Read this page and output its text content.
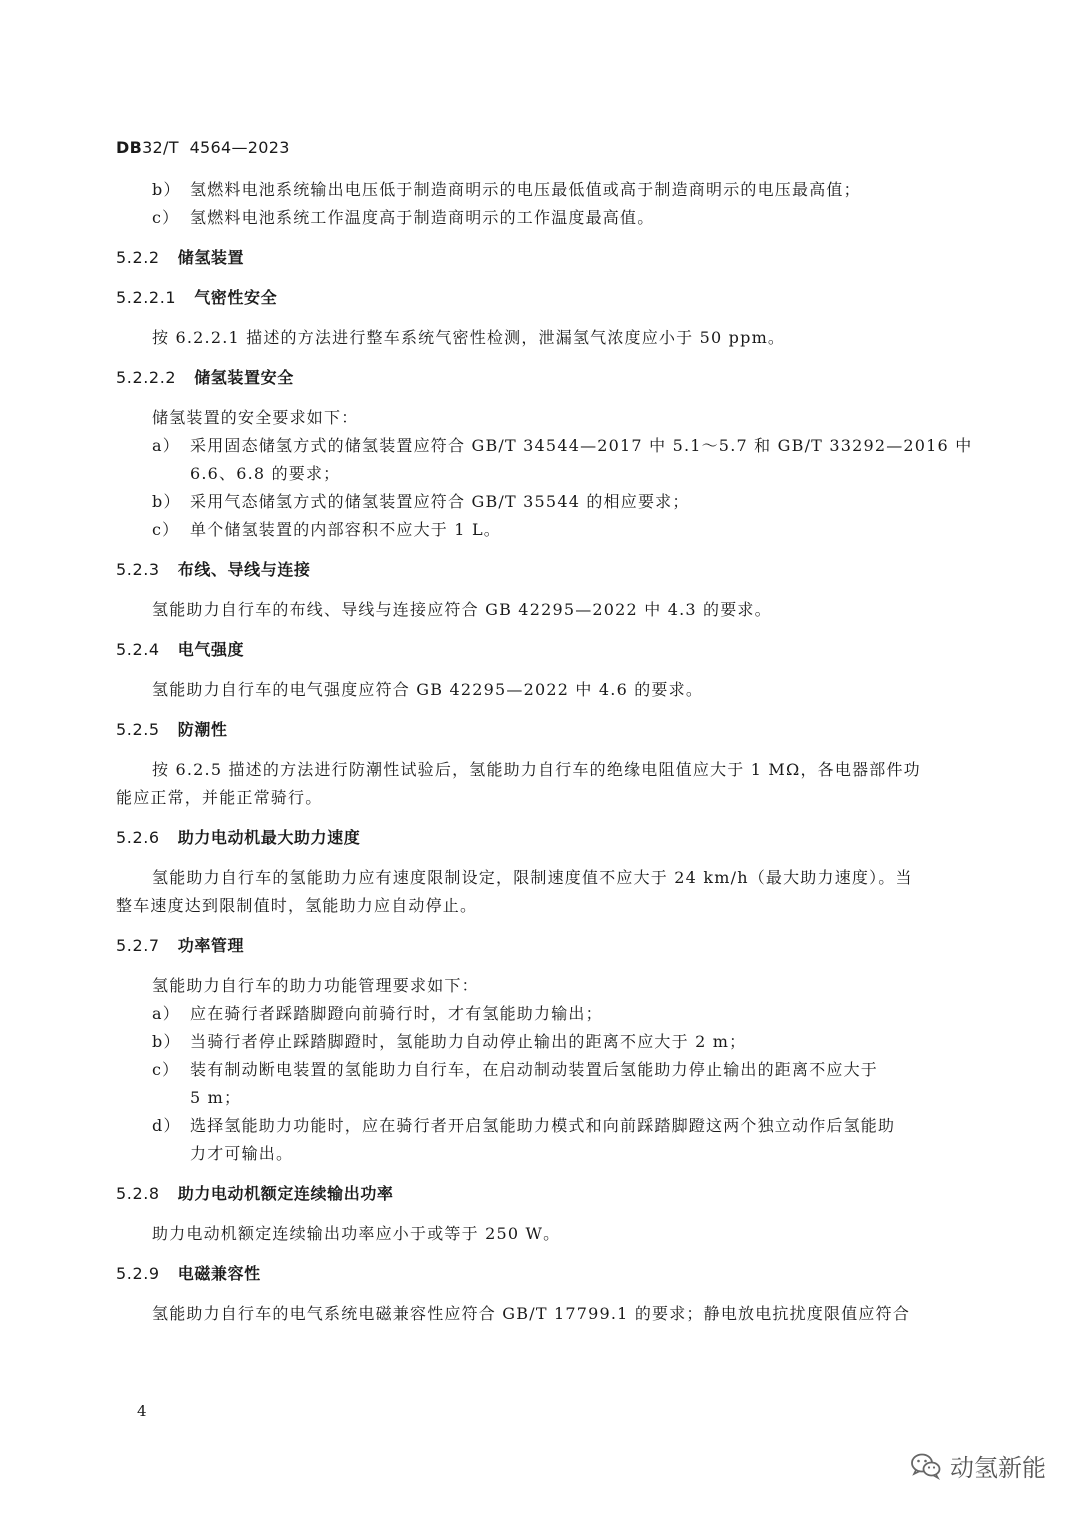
DB32/T  4564—2023
b） 氢燃料电池系统输出电压低于制造商明示的电压最低值或高于制造商明示的电压最高值；
c） 氢燃料电池系统工作温度高于制造商明示的工作温度最高值。
5.2.2 储氢装置
5.2.2.1 气密性安全
按 6.2.2.1 描述的方法进行整车系统气密性检测，泄漏氢气浓度应小于 50 ppm。
5.2.2.2 储氢装置安全
储氢装置的安全要求如下：
a） 采用固态储氢方式的储氢装置应符合 GB/T 34544—2017 中 5.1～5.7 和 GB/T 33292—2016 中
6.6、6.8 的要求；
b） 采用气态储氢方式的储氢装置应符合 GB/T 35544 的相应要求；
c） 单个储氢装置的内部容积不应大于 1 L。
5.2.3 布线、导线与连接
氢能助力自行车的布线、导线与连接应符合 GB 42295—2022 中 4.3 的要求。
5.2.4 电气强度
氢能助力自行车的电气强度应符合 GB 42295—2022 中 4.6 的要求。
5.2.5 防潮性
按 6.2.5 描述的方法进行防潮性试验后，氢能助力自行车的绝缘电阻值应大于 1 MΩ，各电器部件功
能应正常，并能正常骑行。
5.2.6 助力电动机最大助力速度
氢能助力自行车的氢能助力应有速度限制设定，限制速度值不应大于 24 km/h（最大助力速度）。当
整车速度达到限制值时，氢能助力应自动停止。
5.2.7 功率管理
氢能助力自行车的助力功能管理要求如下：
a） 应在骑行者踩踏脚蹬向前骑行时，才有氢能助力输出；
b） 当骑行者停止踩踏脚蹬时，氢能助力自动停止输出的距离不应大于 2 m；
c） 装有制动断电装置的氢能助力自行车，在启动制动装置后氢能助力停止输出的距离不应大于
5 m；
d） 选择氢能助力功能时，应在骑行者开启氢能助力模式和向前踩踏脚蹬这两个独立动作后氢能助
力才可输出。
5.2.8 助力电动机额定连续输出功率
助力电动机额定连续输出功率应小于或等于 250 W。
5.2.9 电磁兼容性
氢能助力自行车的电气系统电磁兼容性应符合 GB/T 17799.1 的要求；静电放电抗扰度限值应符合
4
动氢新能
